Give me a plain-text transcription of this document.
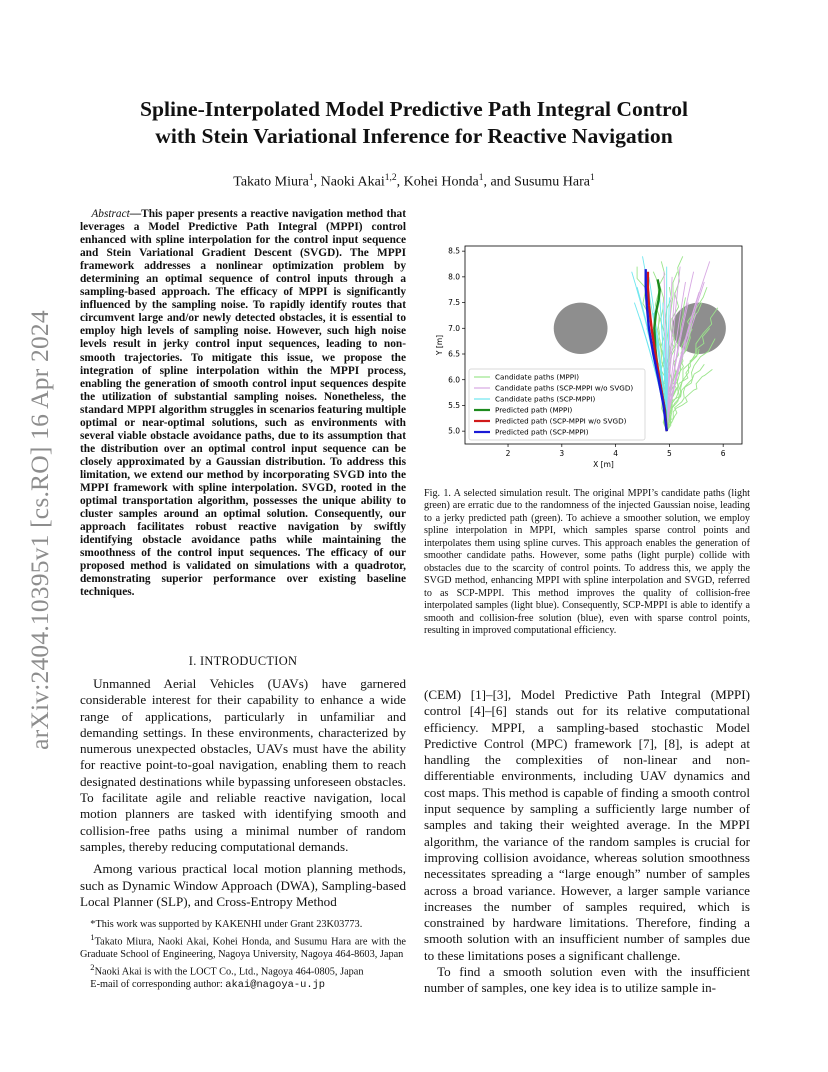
arXiv:2404.10395v1 [cs.RO] 16 Apr 2024
Spline-Interpolated Model Predictive Path Integral Control
with Stein Variational Inference for Reactive Navigation
Takato Miura$^1$, Naoki Akai$^{1,2}$, Kohei Honda$^1$, and Susumu Hara$^1$
Abstract—This paper presents a reactive navigation method that leverages a Model Predictive Path Integral (MPPI) control enhanced with spline interpolation for the control input sequence and Stein Variational Gradient Descent (SVGD). The MPPI framework addresses a nonlinear optimization problem by determining an optimal sequence of control inputs through a sampling-based approach. The efficacy of MPPI is significantly influenced by the sampling noise. To rapidly identify routes that circumvent large and/or newly detected obstacles, it is essential to employ high levels of sampling noise. However, such high noise levels result in jerky control input sequences, leading to non-smooth trajectories. To mitigate this issue, we propose the integration of spline interpolation within the MPPI process, enabling the generation of smooth control input sequences despite the utilization of substantial sampling noises. Nonetheless, the standard MPPI algorithm struggles in scenarios featuring multiple optimal or near-optimal solutions, such as environments with several viable obstacle avoidance paths, due to its assumption that the distribution over an optimal control input sequence can be closely approximated by a Gaussian distribution. To address this limitation, we extend our method by incorporating SVGD into the MPPI framework with spline interpolation. SVGD, rooted in the optimal transportation algorithm, possesses the unique ability to cluster samples around an optimal solution. Consequently, our approach facilitates robust reactive navigation by swiftly identifying obstacle avoidance paths while maintaining the smoothness of the control input sequences. The efficacy of our proposed method is validated on simulations with a quadrotor, demonstrating superior performance over existing baseline techniques.
I. INTRODUCTION

Unmanned Aerial Vehicles (UAVs) have garnered considerable interest for their capability to enhance a wide range of applications, particularly in unfamiliar and demanding settings. In these environments, characterized by numerous unexpected obstacles, UAVs must have the ability for reactive point-to-goal navigation, enabling them to reach designated destinations while bypassing unforeseen obstacles. To facilitate agile and reliable reactive navigation, local motion planners are tasked with identifying smooth and collision-free paths using a minimal number of random samples, thereby reducing computational demands.

Among various practical local motion planning methods, such as Dynamic Window Approach (DWA), Sampling-based Local Planner (SLP), and Cross-Entropy Method

*This work was supported by KAKENHI under Grant 23K03773.

$^1$Takato Miura, Naoki Akai, Kohei Honda, and Susumu Hara are with the Graduate School of Engineering, Nagoya University, Nagoya 464-8603, Japan

$^2$Naoki Akai is with the LOCT Co., Ltd., Nagoya 464-0805, Japan

E-mail of corresponding author: akai@nagoya-u.jp

2	3	4	5	6
5.0
5.5
6.0
6.5
7.0
7.5
8.0
8.5
X [m]
Y [m]
Candidate paths (MPPI)
Candidate paths (SCP-MPPI w/o SVGD)
Candidate paths (SCP-MPPI)
Predicted path (MPPI)
Predicted path (SCP-MPPI w/o SVGD)
Predicted path (SCP-MPPI)
Fig. 1. A selected simulation result. The original MPPI’s candidate paths (light green) are erratic due to the randomness of the injected Gaussian noise, leading to a jerky predicted path (green). To achieve a smoother solution, we employ spline interpolation in MPPI, which samples sparse control points and interpolates them using spline curves. This approach enables the generation of smoother candidate paths. However, some paths (light purple) collide with obstacles due to the scarcity of control points. To address this, we apply the SVGD method, enhancing MPPI with spline interpolation and SVGD, referred to as SCP-MPPI. This method improves the quality of collision-free interpolated samples (light blue). Consequently, SCP-MPPI is able to identify a smooth and collision-free solution (blue), even with sparse control points, resulting in improved computational efficiency.

(CEM) [1]–[3], Model Predictive Path Integral (MPPI) control [4]–[6] stands out for its relative computational efficiency. MPPI, a sampling-based stochastic Model Predictive Control (MPC) framework [7], [8], is adept at handling the complexities of non-linear and non-differentiable environments, including UAV dynamics and cost maps. This method is capable of finding a smooth control input sequence by sampling a sufficiently large number of samples and taking their weighted average. In the MPPI algorithm, the variance of the random samples is crucial for improving collision avoidance, whereas solution smoothness necessitates spreading a “large enough” number of samples across a broad variance. However, a larger sample variance increases the number of samples required, which is constrained by hardware limitations. Therefore, finding a smooth solution with an insufficient number of samples due to these limitations poses a significant challenge.

To find a smooth solution even with the insufficient number of samples, one key idea is to utilize sample in-
